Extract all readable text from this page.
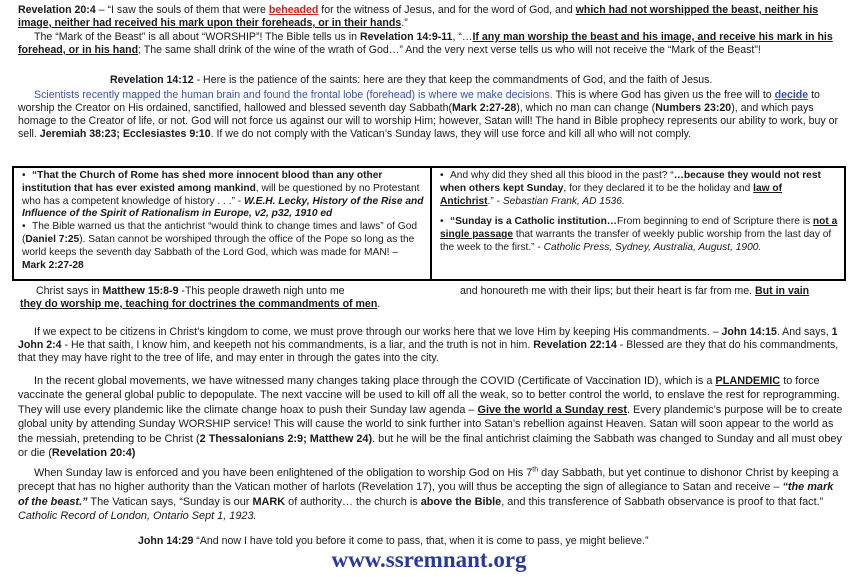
Revelation 20:4 – “I saw the souls of them that were beheaded for the witness of Jesus, and for the word of God, and which had not worshipped the beast, neither his image, neither had received his mark upon their foreheads, or in their hands.”

The “Mark of the Beast” is all about “WORSHIP”! The Bible tells us in Revelation 14:9-11, “…If any man worship the beast and his image, and receive his mark in his forehead, or in his hand; The same shall drink of the wine of the wrath of God…” And the very next verse tells us who will not receive the “Mark of the Beast”!

Revelation 14:12 - Here is the patience of the saints: here are they that keep the commandments of God, and the faith of Jesus.

Scientists recently mapped the human brain and found the frontal lobe (forehead) is where we make decisions. This is where God has given us the free will to decide to worship the Creator on His ordained, sanctified, hallowed and blessed seventh day Sabbath(Mark 2:27-28), which no man can change (Numbers 23:20), and which pays homage to the Creator of life, or not. God will not force us against our will to worship Him; however, Satan will! The hand in Bible prophecy represents our ability to work, buy or sell. Jeremiah 38:23; Ecclesiastes 9:10. If we do not comply with the Vatican’s Sunday laws, they will use force and kill all who will not comply.

• “That the Church of Rome has shed more innocent blood than any other institution that has ever existed among mankind, will be questioned by no Protestant who has a competent knowledge of history . . .” - W.E.H. Lecky, History of the Rise and Influence of the Spirit of Rationalism in Europe, v2, p32, 1910 ed

• The Bible warned us that the antichrist “would think to change times and laws” of God (Daniel 7:25). Satan cannot be worshiped through the office of the Pope so long as the world keeps the seventh day Sabbath of the Lord God, which was made for MAN! – Mark 2:27-28

• And why did they shed all this blood in the past? “…because they would not rest when others kept Sunday, for they declared it to be the holiday and law of Antichrist.” - Sebastian Frank, AD 1536.

• “Sunday is a Catholic institution…From beginning to end of Scripture there is not a single passage that warrants the transfer of weekly public worship from the last day of the week to the first.” - Catholic Press, Sydney, Australia, August, 1900.

Christ says in Matthew 15:8-9 -This people draweth nigh unto me	and honoureth me with their lips; but their heart is far from me. But in vain

they do worship me, teaching for doctrines the commandments of men.

If we expect to be citizens in Christ’s kingdom to come, we must prove through our works here that we love Him by keeping His commandments. – John 14:15. And says, 1 John 2:4 - He that saith, I know him, and keepeth not his commandments, is a liar, and the truth is not in him. Revelation 22:14 - Blessed are they that do his commandments, that they may have right to the tree of life, and may enter in through the gates into the city.

In the recent global movements, we have witnessed many changes taking place through the COVID (Certificate of Vaccination ID), which is a PLANDEMIC to force vaccinate the general global public to depopulate. The next vaccine will be used to kill off all the weak, so to better control the world, to enslave the rest for reprogramming. They will use every plandemic like the climate change hoax to push their Sunday law agenda – Give the world a Sunday rest. Every plandemic’s purpose will be to create global unity by attending Sunday WORSHIP service! This will cause the world to sink further into Satan’s rebellion against Heaven. Satan will soon appear to the world as the messiah, pretending to be Christ (2 Thessalonians 2:9; Matthew 24). but he will be the final antichrist claiming the Sabbath was changed to Sunday and all must obey or die (Revelation 20:4)

When Sunday law is enforced and you have been enlightened of the obligation to worship God on His 7th day Sabbath, but yet continue to dishonor Christ by keeping a precept that has no higher authority than the Vatican mother of harlots (Revelation 17), you will thus be accepting the sign of allegiance to Satan and receive – “the mark of the beast.” The Vatican says, “Sunday is our MARK of authority… the church is above the Bible, and this transference of Sabbath observance is proof to that fact.” Catholic Record of London, Ontario Sept 1, 1923.

John 14:29 “And now I have told you before it come to pass, that, when it is come to pass, ye might believe.”

www.ssremnant.org
